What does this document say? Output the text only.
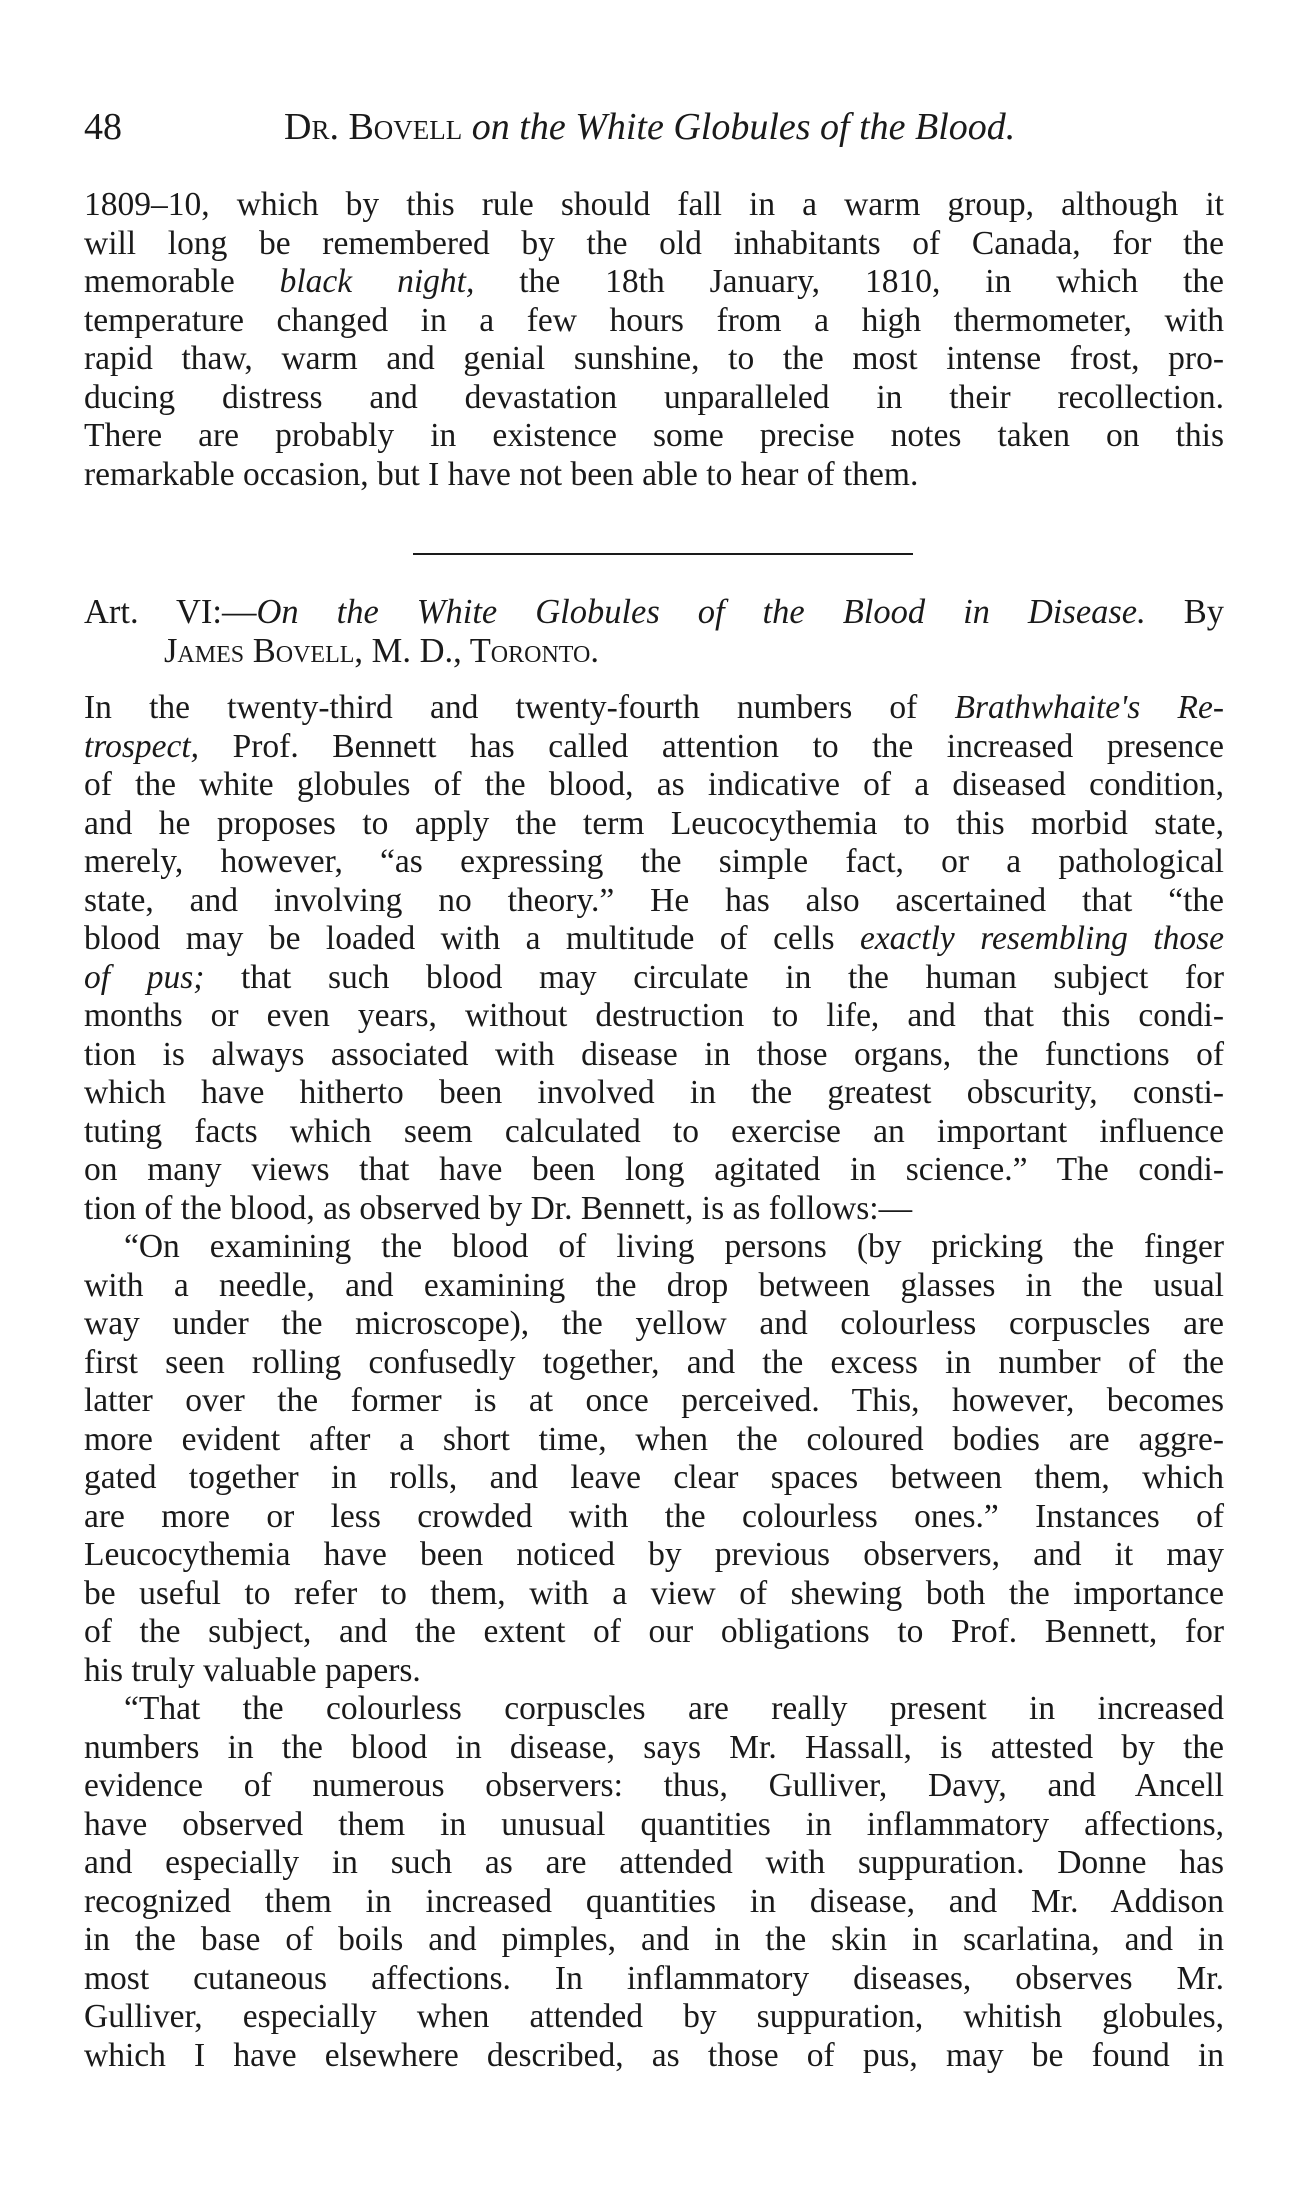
48	Dr. Bovell on the White Globules of the Blood.
1809–10, which by this rule should fall in a warm group, although it
will long be remembered by the old inhabitants of Canada, for the
memorable black night, the 18th January, 1810, in which the
temperature changed in a few hours from a high thermometer, with
rapid thaw, warm and genial sunshine, to the most intense frost, pro-
ducing distress and devastation unparalleled in their recollection.
There are probably in existence some precise notes taken on this
remarkable occasion, but I have not been able to hear of them.
Art. VI:—On the White Globules of the Blood in Disease. By
James Bovell, M. D., Toronto.
In the twenty-third and twenty-fourth numbers of Brathwhaite's Re-
trospect, Prof. Bennett has called attention to the increased presence
of the white globules of the blood, as indicative of a diseased condition,
and he proposes to apply the term Leucocythemia to this morbid state,
merely, however, “as expressing the simple fact, or a pathological
state, and involving no theory.” He has also ascertained that “the
blood may be loaded with a multitude of cells exactly resembling those
of pus; that such blood may circulate in the human subject for
months or even years, without destruction to life, and that this condi-
tion is always associated with disease in those organs, the functions of
which have hitherto been involved in the greatest obscurity, consti-
tuting facts which seem calculated to exercise an important influence
on many views that have been long agitated in science.” The condi-
tion of the blood, as observed by Dr. Bennett, is as follows:—
“On examining the blood of living persons (by pricking the finger
with a needle, and examining the drop between glasses in the usual
way under the microscope), the yellow and colourless corpuscles are
first seen rolling confusedly together, and the excess in number of the
latter over the former is at once perceived. This, however, becomes
more evident after a short time, when the coloured bodies are aggre-
gated together in rolls, and leave clear spaces between them, which
are more or less crowded with the colourless ones.” Instances of
Leucocythemia have been noticed by previous observers, and it may
be useful to refer to them, with a view of shewing both the importance
of the subject, and the extent of our obligations to Prof. Bennett, for
his truly valuable papers.
“That the colourless corpuscles are really present in increased
numbers in the blood in disease, says Mr. Hassall, is attested by the
evidence of numerous observers: thus, Gulliver, Davy, and Ancell
have observed them in unusual quantities in inflammatory affections,
and especially in such as are attended with suppuration. Donne has
recognized them in increased quantities in disease, and Mr. Addison
in the base of boils and pimples, and in the skin in scarlatina, and in
most cutaneous affections. In inflammatory diseases, observes Mr.
Gulliver, especially when attended by suppuration, whitish globules,
which I have elsewhere described, as those of pus, may be found in
